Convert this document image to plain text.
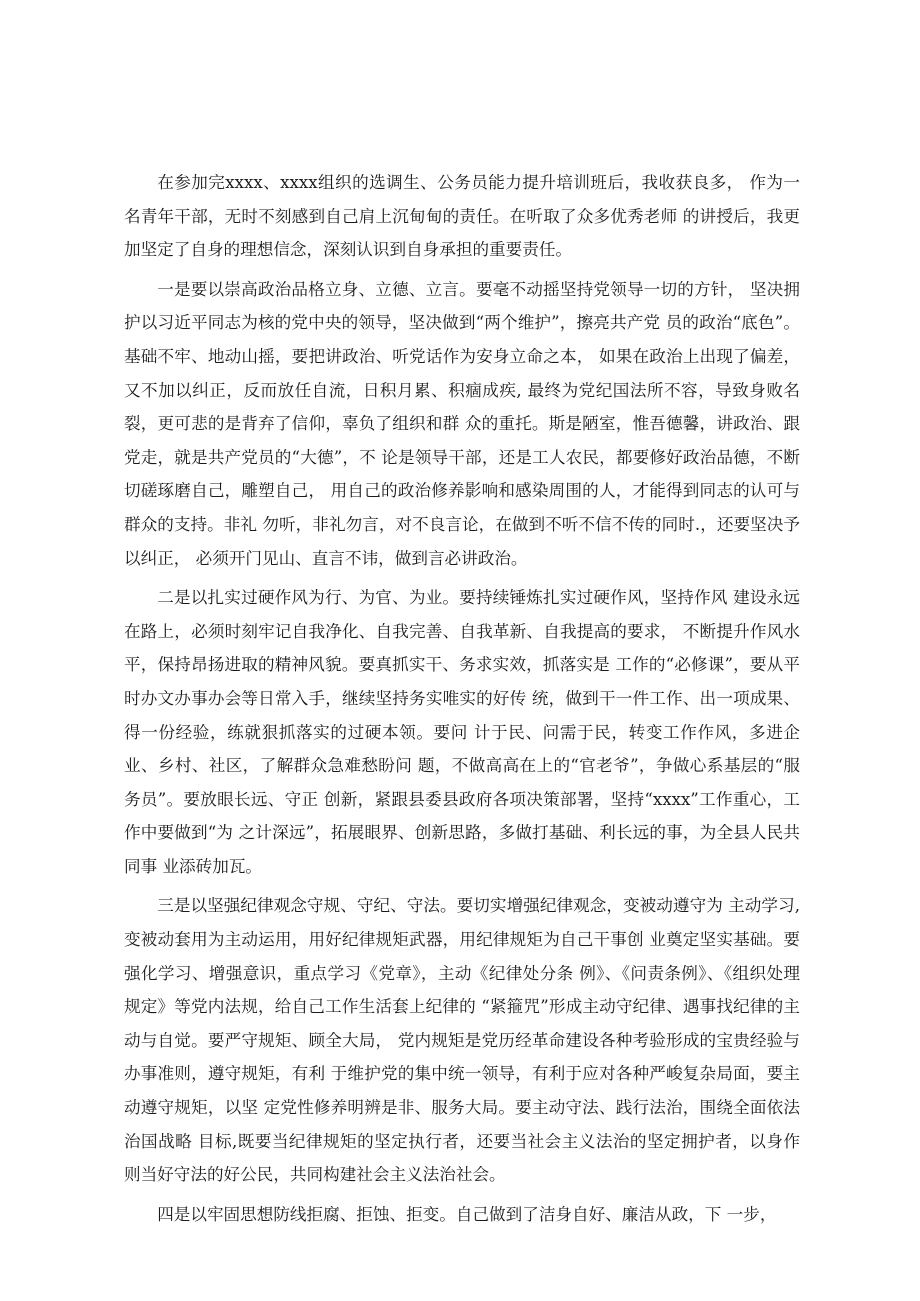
在参加完xxxx、xxxx组织的选调生、公务员能力提升培训班后，我收获良多， 作为一名青年干部，无时不刻感到自己肩上沉甸甸的责任。在听取了众多优秀老师 的讲授后，我更加坚定了自身的理想信念，深刻认识到自身承担的重要责任。

一是要以崇高政治品格立身、立德、立言。要毫不动摇坚持党领导一切的方针， 坚决拥护以习近平同志为核的党中央的领导，坚决做到“两个维护”，擦亮共产党 员的政治“底色”。基础不牢、地动山摇，要把讲政治、听党话作为安身立命之本， 如果在政治上出现了偏差，又不加以纠正，反而放任自流，日积月累、积痼成疾, 最终为党纪国法所不容，导致身败名裂，更可悲的是背弃了信仰，辜负了组织和群 众的重托。斯是陋室，惟吾德馨，讲政治、跟党走，就是共产党员的“大德”，不 论是领导干部，还是工人农民，都要修好政治品德，不断切磋琢磨自己，雕塑自己， 用自己的政治修养影响和感染周围的人，才能得到同志的认可与群众的支持。非礼 勿听，非礼勿言，对不良言论，在做到不听不信不传的同时.，还要坚决予以纠正， 必须开门见山、直言不讳，做到言必讲政治。

二是以扎实过硬作风为行、为官、为业。要持续锤炼扎实过硬作风，坚持作风 建设永远在路上，必须时刻牢记自我净化、自我完善、自我革新、自我提高的要求， 不断提升作风水平，保持昂扬进取的精神风貌。要真抓实干、务求实效，抓落实是 工作的“必修课”，要从平时办文办事办会等日常入手，继续坚持务实唯实的好传 统，做到干一件工作、出一项成果、得一份经验，练就狠抓落实的过硬本领。要问 计于民、问需于民，转变工作作风，多进企业、乡村、社区，了解群众急难愁盼问 题，不做高高在上的“官老爷”，争做心系基层的“服务员”。要放眼长远、守正 创新，紧跟县委县政府各项决策部署，坚持“xxxx”工作重心，工作中要做到“为 之计深远”，拓展眼界、创新思路，多做打基础、利长远的事，为全县人民共同事 业添砖加瓦。

三是以坚强纪律观念守规、守纪、守法。要切实增强纪律观念，变被动遵守为 主动学习,变被动套用为主动运用，用好纪律规矩武器，用纪律规矩为自己干事创 业奠定坚实基础。要强化学习、增强意识，重点学习《党章》，主动《纪律处分条 例》、《问责条例》、《组织处理规定》等党内法规，给自己工作生活套上纪律的 “紧箍咒”形成主动守纪律、遇事找纪律的主动与自觉。要严守规矩、顾全大局， 党内规矩是党历经革命建设各种考验形成的宝贵经验与办事准则，遵守规矩，有利 于维护党的集中统一领导，有利于应对各种严峻复杂局面，要主动遵守规矩，以坚 定党性修养明辨是非、服务大局。要主动守法、践行法治，围绕全面依法治国战略 目标,既要当纪律规矩的坚定执行者，还要当社会主义法治的坚定拥护者，以身作 则当好守法的好公民，共同构建社会主义法治社会。

四是以牢固思想防线拒腐、拒蚀、拒变。自己做到了洁身自好、廉洁从政，下 一步，
